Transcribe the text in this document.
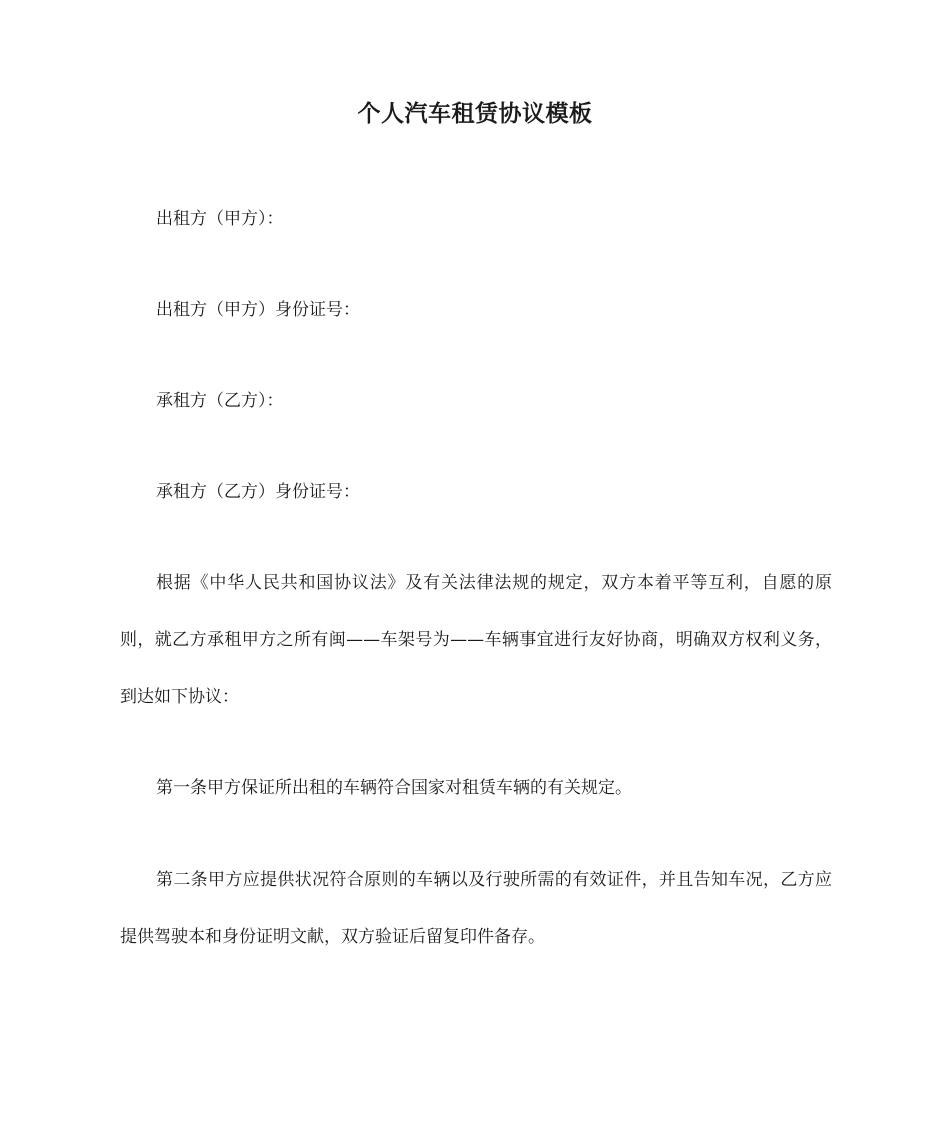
个人汽车租赁协议模板

出租方（甲方）：

出租方（甲方）身份证号：

承租方（乙方）：

承租方（乙方）身份证号：

根据《中华人民共和国协议法》及有关法律法规的规定，双方本着平等互利，自愿的原则，就乙方承租甲方之所有闽——车架号为——车辆事宜进行友好协商，明确双方权利义务，到达如下协议：

第一条甲方保证所出租的车辆符合国家对租赁车辆的有关规定。

第二条甲方应提供状况符合原则的车辆以及行驶所需的有效证件，并且告知车况，乙方应提供驾驶本和身份证明文献，双方验证后留复印件备存。
